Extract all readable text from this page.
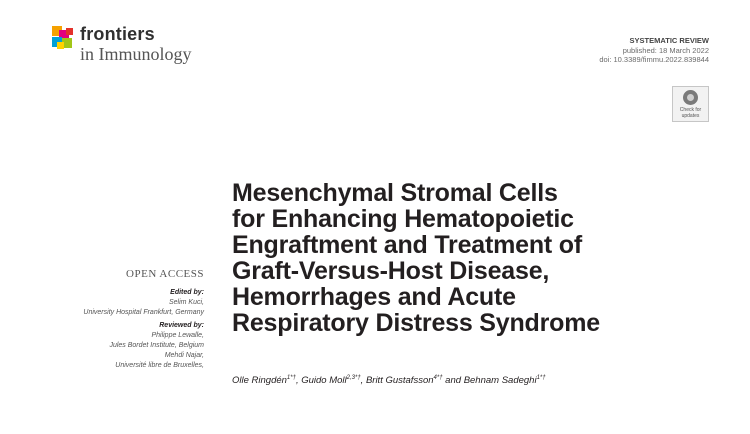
frontiers
in Immunology
SYSTEMATIC REVIEW
published: 18 March 2022
doi: 10.3389/fimmu.2022.839844
Check for
updates
Mesenchymal Stromal Cells
for Enhancing Hematopoietic
Engraftment and Treatment of
Graft-Versus-Host Disease,
Hemorrhages and Acute
Respiratory Distress Syndrome
Olle Ringdén$^{1*\dagger}$, Guido Moll$^{2,3*\dagger}$, Britt Gustafsson$^{4*\dagger}$ and Behnam Sadeghi$^{1*\dagger}$
OPEN ACCESS
Edited by:
Selim Kuci,
University Hospital Frankfurt, Germany
Reviewed by:
Philippe Lewalle,
Jules Bordet Institute, Belgium
Mehdi Najar,
Université libre de Bruxelles,
